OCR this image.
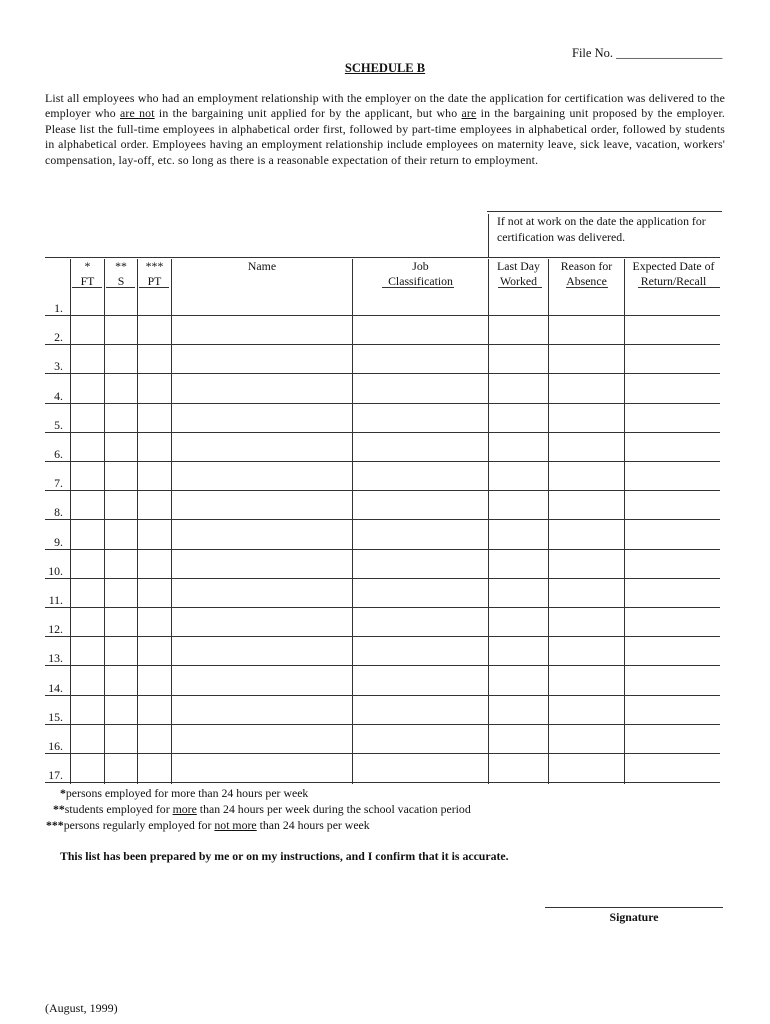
File No. _________________
SCHEDULE B
List all employees who had an employment relationship with the employer on the date the application for certification was delivered to the employer who are not in the bargaining unit applied for by the applicant, but who are in the bargaining unit proposed by the employer. Please list the full-time employees in alphabetical order first, followed by part-time employees in alphabetical order, followed by students in alphabetical order. Employees having an employment relationship include employees on maternity leave, sick leave, vacation, workers' compensation, lay-off, etc. so long as there is a reasonable expectation of their return to employment.
If not at work on the date the application for certification was delivered.
*
FT
**
S
***
PT
Name	Job
Classification
Last Day
Worked
Reason for
Absence
Expected Date of
Return/Recall
1.
2.
3.
4.
5.
6.
7.
8.
9.
10.
11.
12.
13.
14.
15.
16.
17.
*persons employed for more than 24 hours per week
**students employed for more than 24 hours per week during the school vacation period
***persons regularly employed for not more than 24 hours per week
This list has been prepared by me or on my instructions, and I confirm that it is accurate.
Signature
(August, 1999)
